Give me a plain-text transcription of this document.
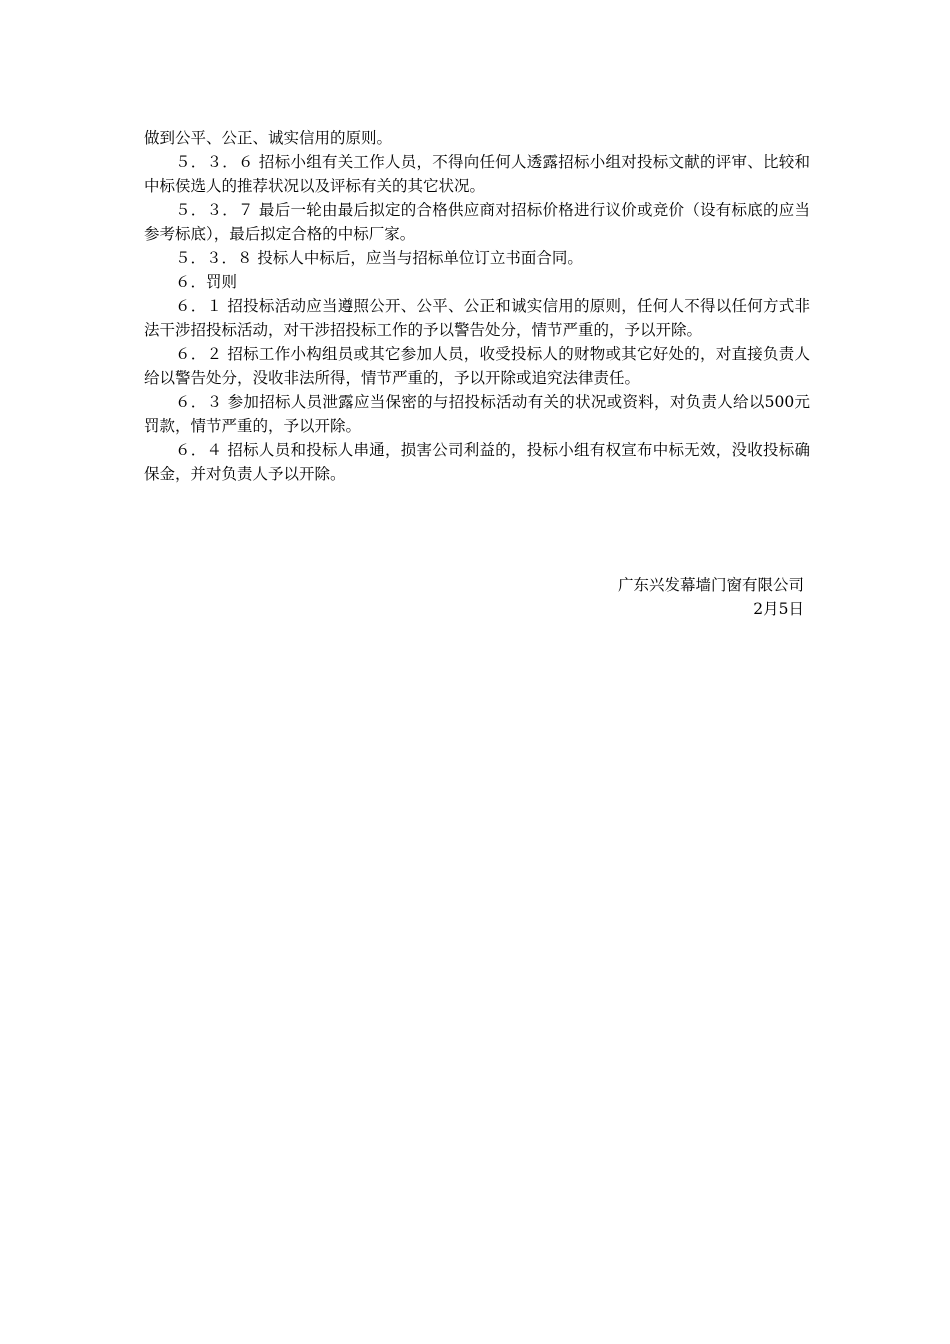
做到公平、公正、诚实信用的原则。

５．３．６ 招标小组有关工作人员，不得向任何人透露招标小组对投标文献的评审、比较和中标侯选人的推荐状况以及评标有关的其它状况。

５．３．７ 最后一轮由最后拟定的合格供应商对招标价格进行议价或竞价（设有标底的应当参考标底），最后拟定合格的中标厂家。

５．３．８ 投标人中标后，应当与招标单位订立书面合同。

６．罚则

６．１ 招投标活动应当遵照公开、公平、公正和诚实信用的原则，任何人不得以任何方式非法干涉招投标活动，对干涉招投标工作的予以警告处分，情节严重的，予以开除。

６．２ 招标工作小构组员或其它参加人员，收受投标人的财物或其它好处的，对直接负责人给以警告处分，没收非法所得，情节严重的，予以开除或追究法律责任。

６．３ 参加招标人员泄露应当保密的与招投标活动有关的状况或资料，对负责人给以500元罚款，情节严重的，予以开除。

６．４ 招标人员和投标人串通，损害公司利益的，投标小组有权宣布中标无效，没收投标确保金，并对负责人予以开除。

广东兴发幕墙门窗有限公司
2月5日
